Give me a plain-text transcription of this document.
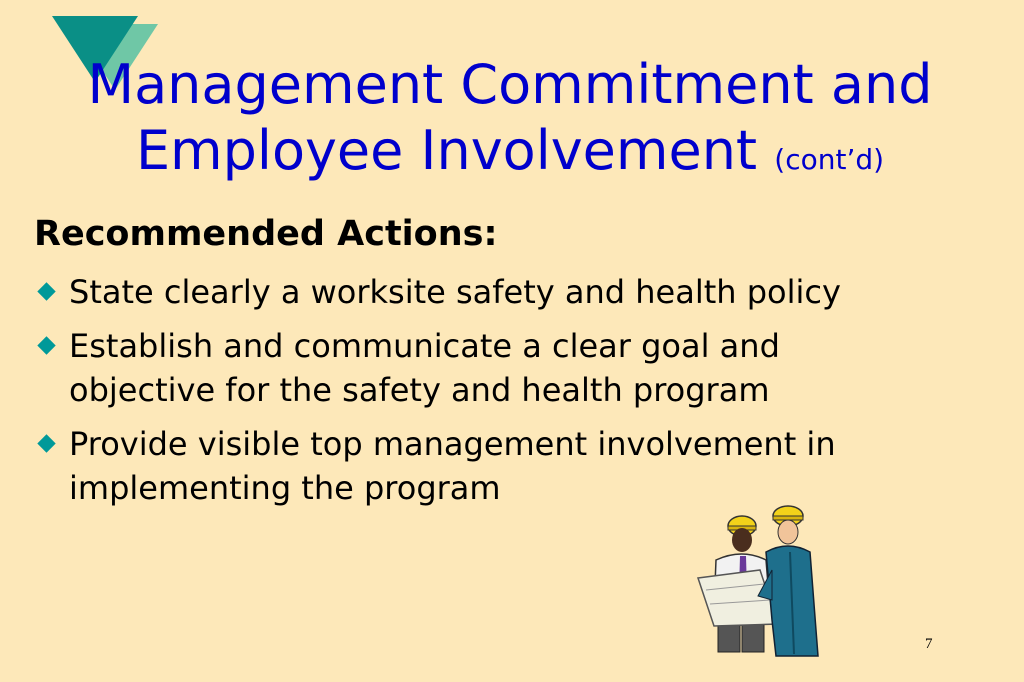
Management Commitment and
Employee Involvement (cont’d)
Recommended Actions:
State clearly a worksite safety and health policy
Establish and communicate a clear goal and objective for the safety and health program
Provide visible top management involvement in implementing the program
7
